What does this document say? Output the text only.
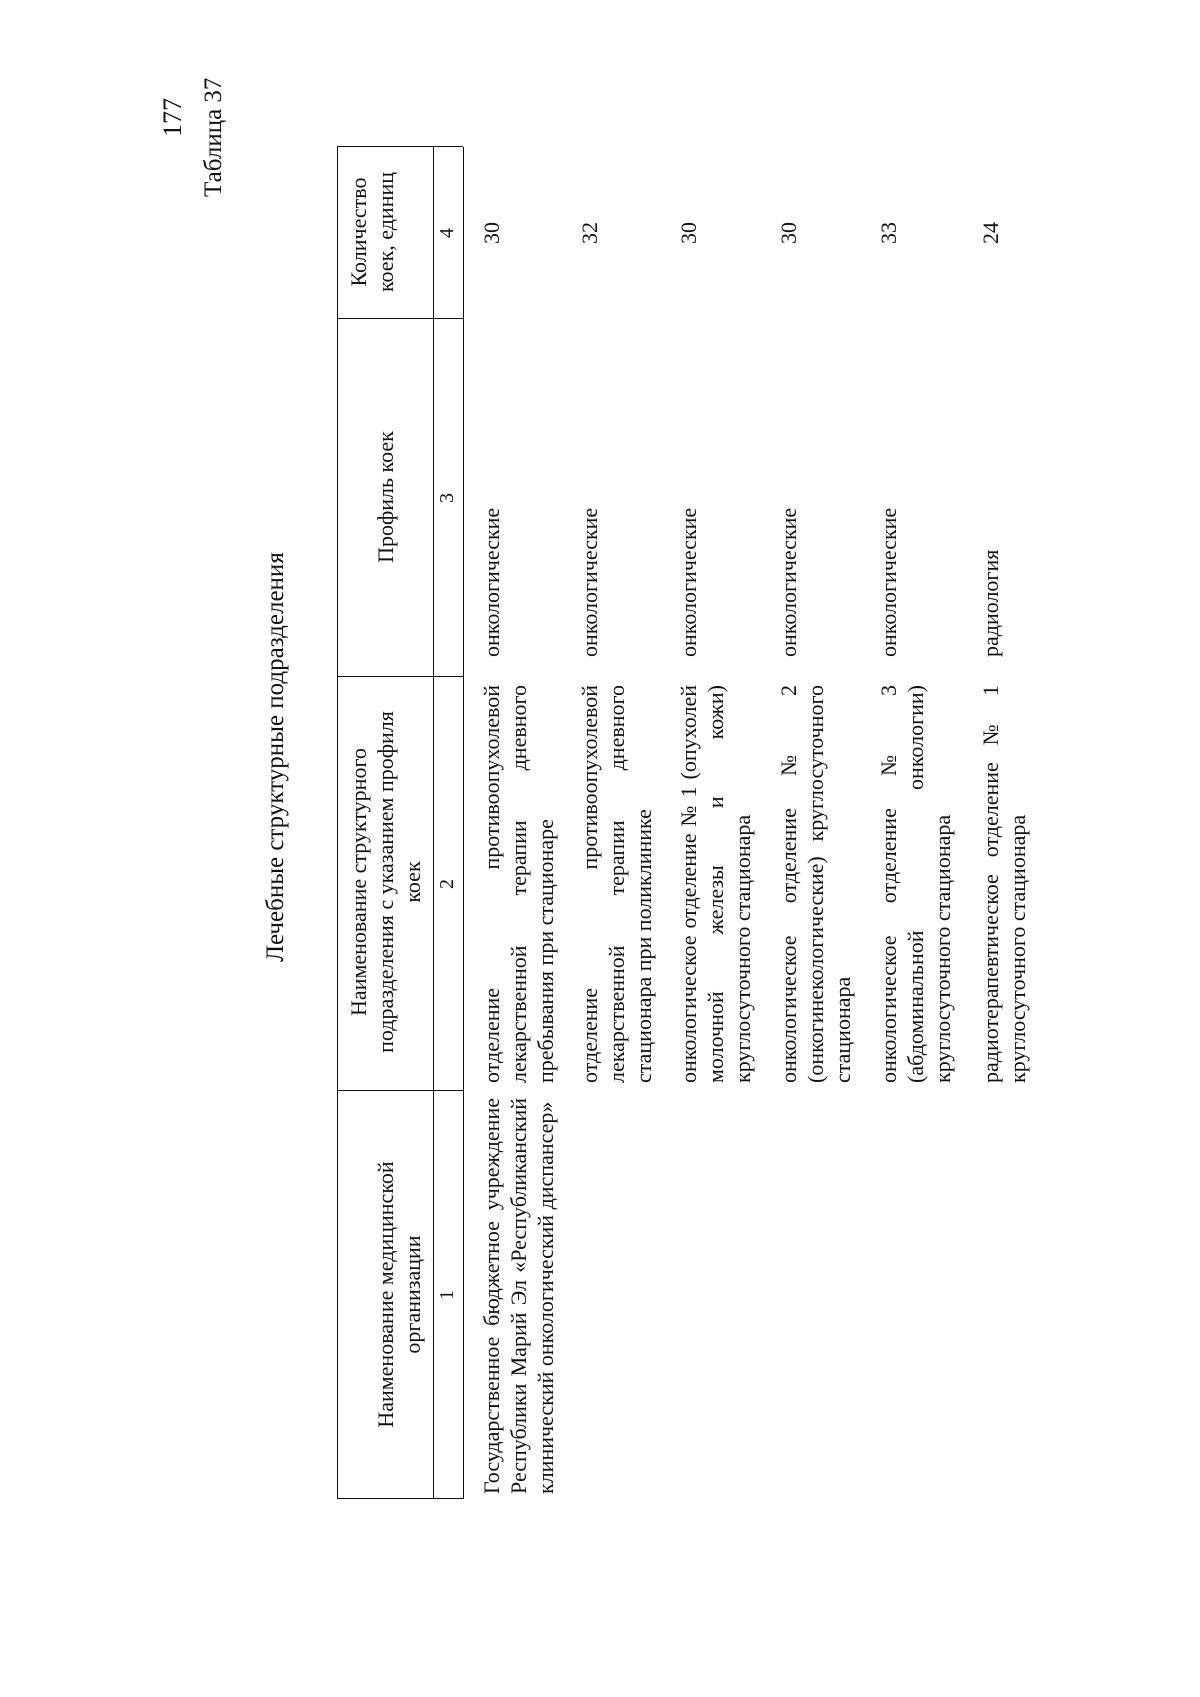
177 Таблица 37
Лечебные структурные подразделения
Наименование медицинской организации
Наименование структурного подразделения с указанием профиля коек
Профиль коек
Количество коек, единиц
1
2
3
4
Государственное бюджетное учреждение Республики Марий Эл «Республиканский клинический онкологический диспансер»
отделение противоопухолевой лекарственной терапии дневного пребывания при стационаре
онкологические
30
отделение противоопухолевой лекарственной терапии дневного стационара при поликлинике
онкологические
32
онкологическое отделение № 1 (опухолей молочной железы и кожи) круглосуточного стационара
онкологические
30
онкологическое отделение № 2 (онкогинекологические) круглосуточного стационара
онкологические
30
онкологическое отделение № 3 (абдоминальной онкологии) круглосуточного стационара
онкологические
33
радиотерапевтическое отделение № 1 круглосуточного стационара
радиология
24
